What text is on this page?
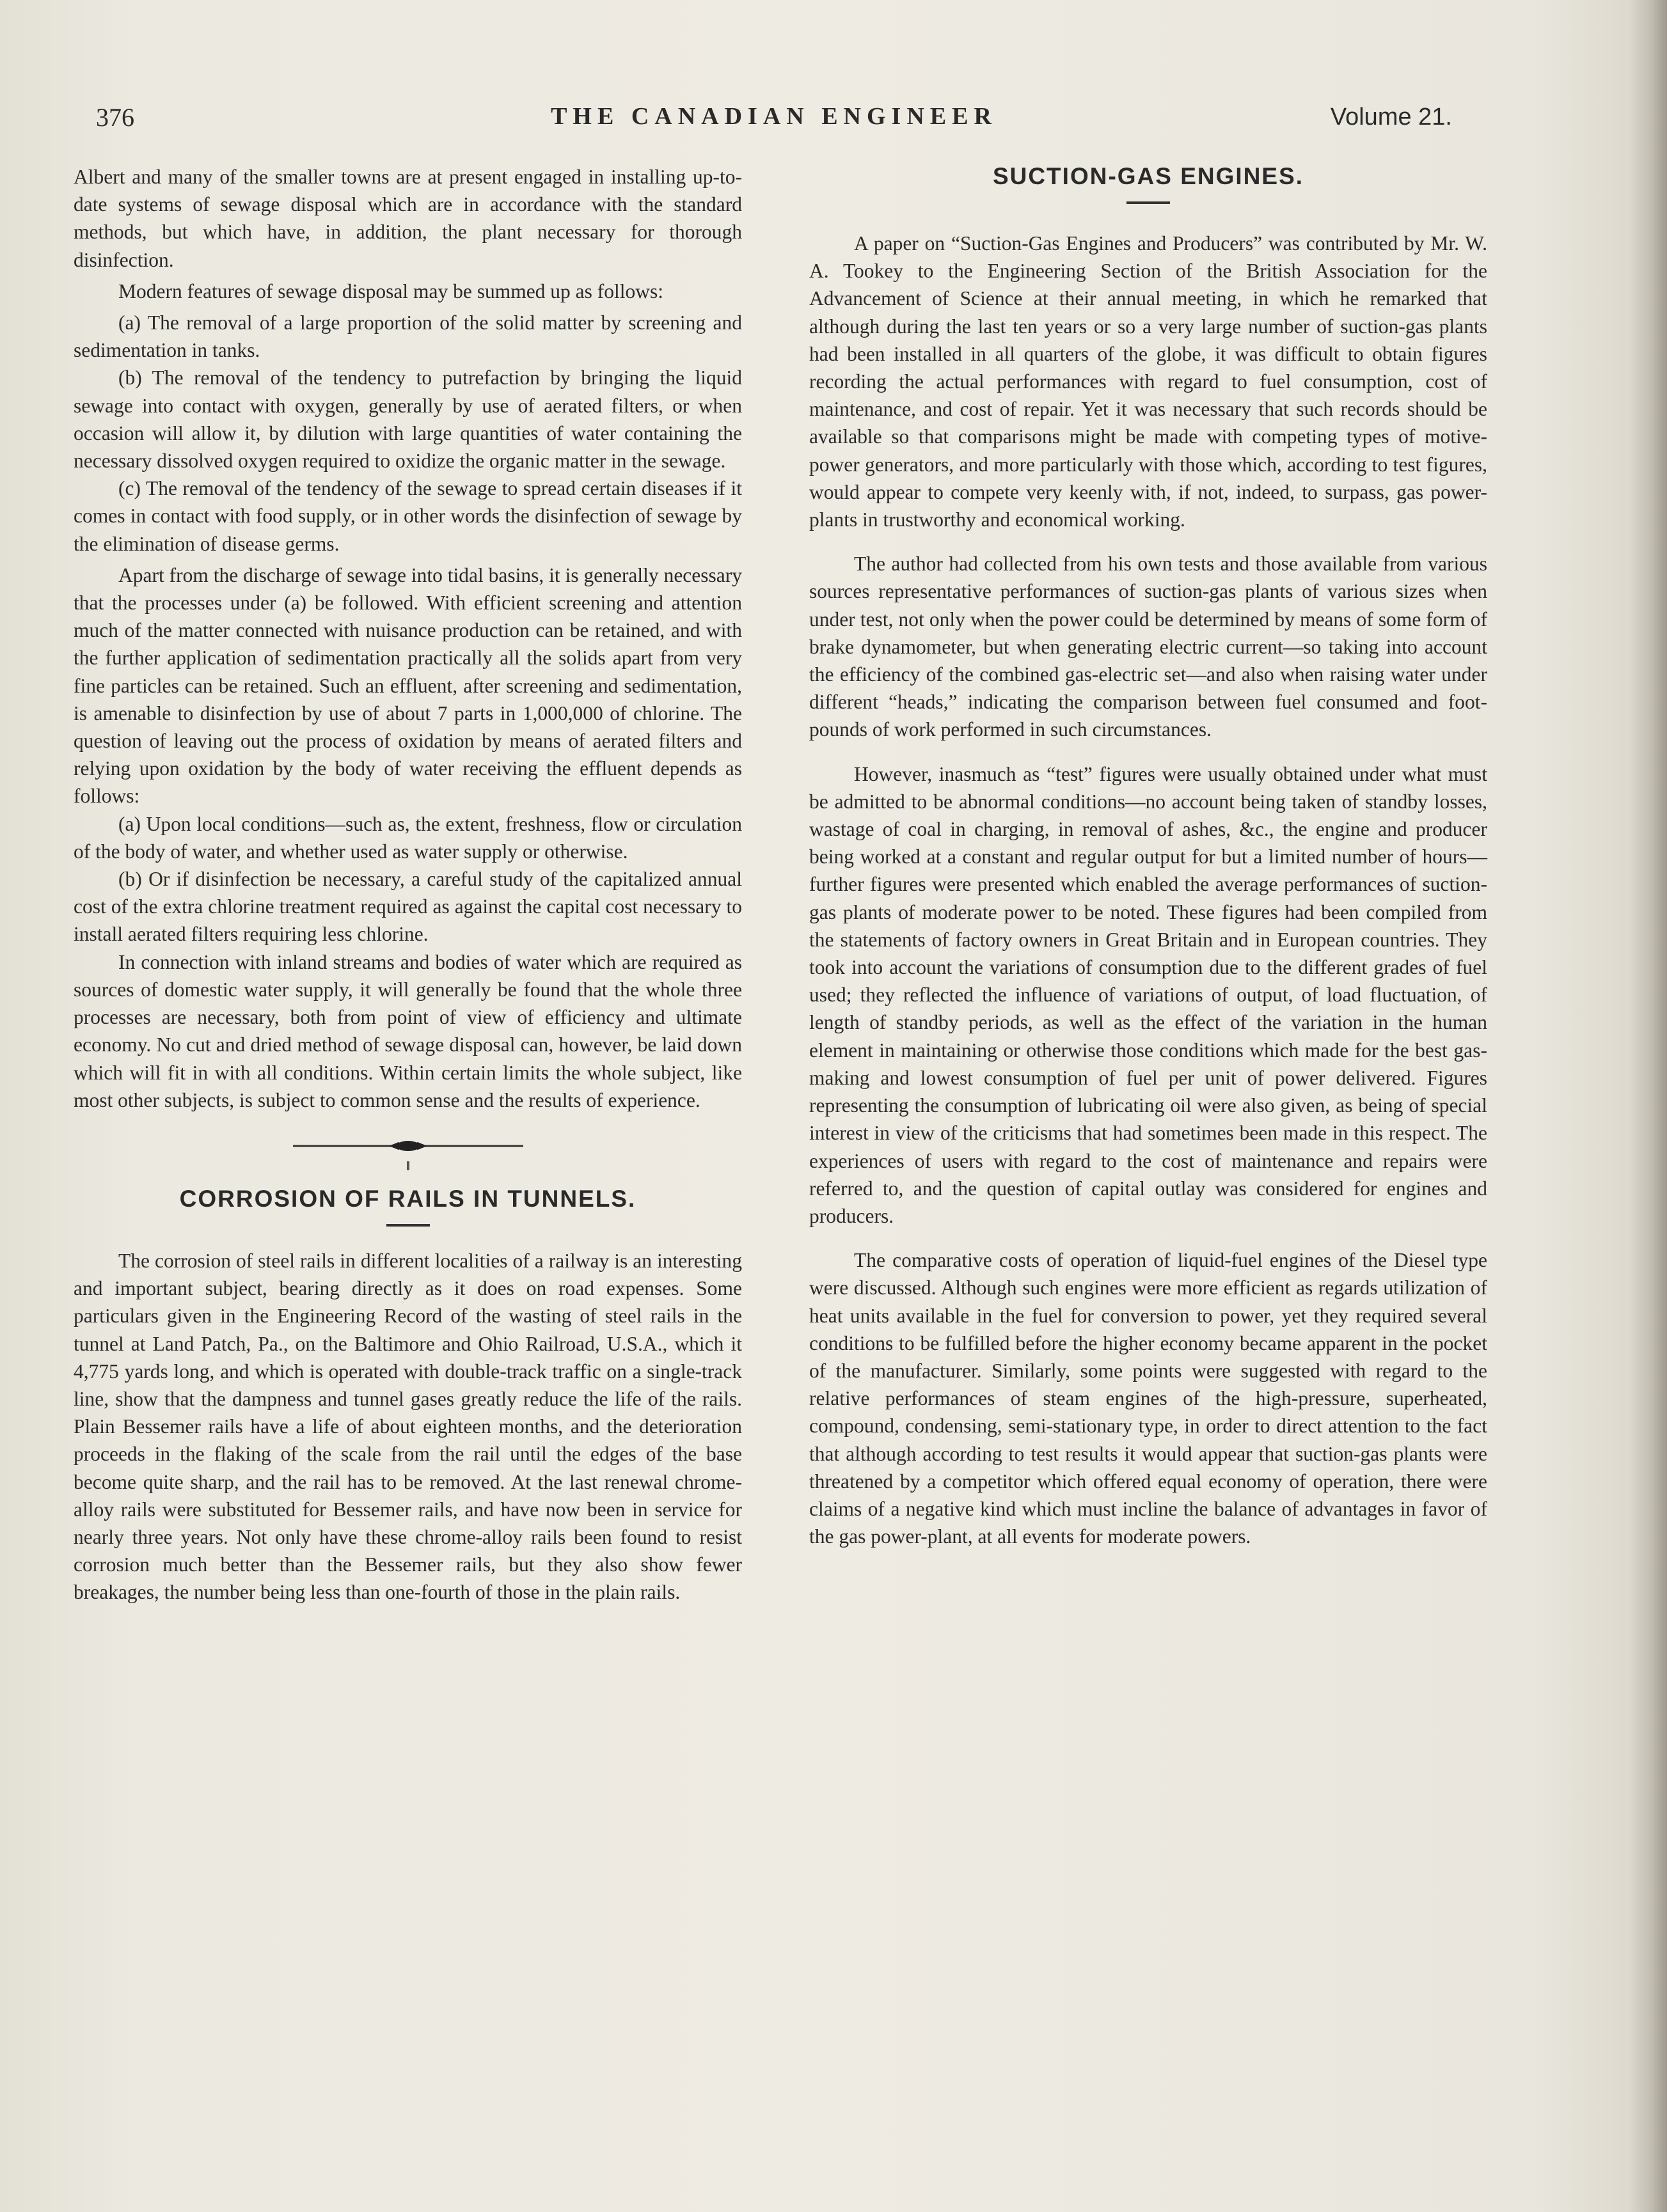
376	THE CANADIAN ENGINEER	Volume 21.

Albert and many of the smaller towns are at present engaged in installing up-to-date systems of sewage disposal which are in accordance with the standard methods, but which have, in addition, the plant necessary for thorough disinfection.

Modern features of sewage disposal may be summed up as follows:

(a) The removal of a large proportion of the solid matter by screening and sedimentation in tanks.

(b) The removal of the tendency to putrefaction by bringing the liquid sewage into contact with oxygen, generally by use of aerated filters, or when occasion will allow it, by dilution with large quantities of water containing the necessary dissolved oxygen required to oxidize the organic matter in the sewage.

(c) The removal of the tendency of the sewage to spread certain diseases if it comes in contact with food supply, or in other words the disinfection of sewage by the elimination of disease germs.

Apart from the discharge of sewage into tidal basins, it is generally necessary that the processes under (a) be followed. With efficient screening and attention much of the matter connected with nuisance production can be retained, and with the further application of sedimentation practically all the solids apart from very fine particles can be retained. Such an effluent, after screening and sedimentation, is amenable to disinfection by use of about 7 parts in 1,000,000 of chlorine. The question of leaving out the process of oxidation by means of aerated filters and relying upon oxidation by the body of water receiving the effluent depends as follows:

(a) Upon local conditions—such as, the extent, freshness, flow or circulation of the body of water, and whether used as water supply or otherwise.

(b) Or if disinfection be necessary, a careful study of the capitalized annual cost of the extra chlorine treatment required as against the capital cost necessary to install aerated filters requiring less chlorine.

In connection with inland streams and bodies of water which are required as sources of domestic water supply, it will generally be found that the whole three processes are necessary, both from point of view of efficiency and ultimate economy. No cut and dried method of sewage disposal can, however, be laid down which will fit in with all conditions. Within certain limits the whole subject, like most other subjects, is subject to common sense and the results of experience.

CORROSION OF RAILS IN TUNNELS.

The corrosion of steel rails in different localities of a railway is an interesting and important subject, bearing directly as it does on road expenses. Some particulars given in the Engineering Record of the wasting of steel rails in the tunnel at Land Patch, Pa., on the Baltimore and Ohio Railroad, U.S.A., which it 4,775 yards long, and which is operated with double-track traffic on a single-track line, show that the dampness and tunnel gases greatly reduce the life of the rails. Plain Bessemer rails have a life of about eighteen months, and the deterioration proceeds in the flaking of the scale from the rail until the edges of the base become quite sharp, and the rail has to be removed. At the last renewal chrome-alloy rails were substituted for Bessemer rails, and have now been in service for nearly three years. Not only have these chrome-alloy rails been found to resist corrosion much better than the Bessemer rails, but they also show fewer breakages, the number being less than one-fourth of those in the plain rails.

SUCTION-GAS ENGINES.

A paper on “Suction-Gas Engines and Producers” was contributed by Mr. W. A. Tookey to the Engineering Section of the British Association for the Advancement of Science at their annual meeting, in which he remarked that although during the last ten years or so a very large number of suction-gas plants had been installed in all quarters of the globe, it was difficult to obtain figures recording the actual performances with regard to fuel consumption, cost of maintenance, and cost of repair. Yet it was necessary that such records should be available so that comparisons might be made with competing types of motive-power generators, and more particularly with those which, according to test figures, would appear to compete very keenly with, if not, indeed, to surpass, gas power-plants in trustworthy and economical working.

The author had collected from his own tests and those available from various sources representative performances of suction-gas plants of various sizes when under test, not only when the power could be determined by means of some form of brake dynamometer, but when generating electric current—so taking into account the efficiency of the combined gas-electric set—and also when raising water under different “heads,” indicating the comparison between fuel consumed and foot-pounds of work performed in such circumstances.

However, inasmuch as “test” figures were usually obtained under what must be admitted to be abnormal conditions—no account being taken of standby losses, wastage of coal in charging, in removal of ashes, &c., the engine and producer being worked at a constant and regular output for but a limited number of hours—further figures were presented which enabled the average performances of suction-gas plants of moderate power to be noted. These figures had been compiled from the statements of factory owners in Great Britain and in European countries. They took into account the variations of consumption due to the different grades of fuel used; they reflected the influence of variations of output, of load fluctuation, of length of standby periods, as well as the effect of the variation in the human element in maintaining or otherwise those conditions which made for the best gas-making and lowest consumption of fuel per unit of power delivered. Figures representing the consumption of lubricating oil were also given, as being of special interest in view of the criticisms that had sometimes been made in this respect. The experiences of users with regard to the cost of maintenance and repairs were referred to, and the question of capital outlay was considered for engines and producers.

The comparative costs of operation of liquid-fuel engines of the Diesel type were discussed. Although such engines were more efficient as regards utilization of heat units available in the fuel for conversion to power, yet they required several conditions to be fulfilled before the higher economy became apparent in the pocket of the manufacturer. Similarly, some points were suggested with regard to the relative performances of steam engines of the high-pressure, superheated, compound, condensing, semi-stationary type, in order to direct attention to the fact that although according to test results it would appear that suction-gas plants were threatened by a competitor which offered equal economy of operation, there were claims of a negative kind which must incline the balance of advantages in favor of the gas power-plant, at all events for moderate powers.
